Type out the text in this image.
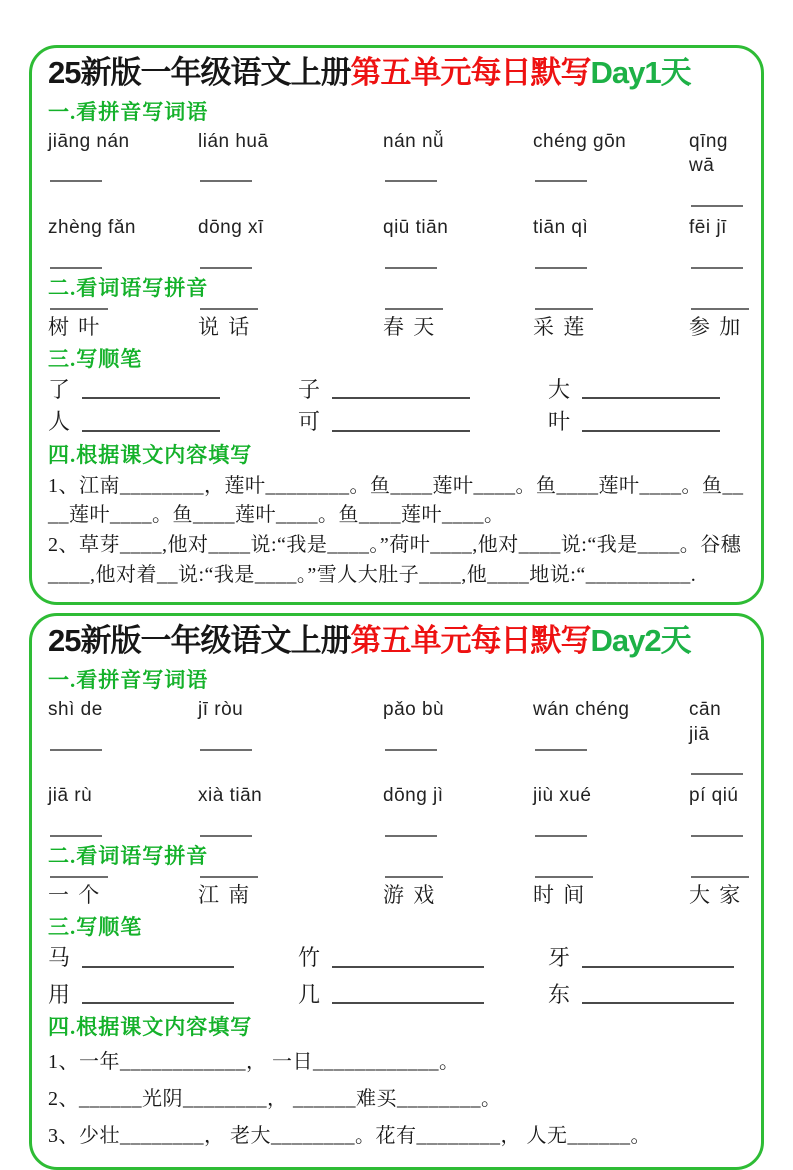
25新版一年级语文上册第五单元每日默写Day1天
一.看拼音写词语
jiāng nán	lián huā	nán nǚ	chéng gōn	qīng wā
zhèng fǎn	dōng xī	qiū tiān	tiān qì	fēi jī
二.看词语写拼音
树 叶	说 话	春 天	采 莲	参 加
三.写顺笔
了	子	大
人	可	叶
四.根据课文内容填写
1、江南________，莲叶________。鱼____莲叶____。鱼____莲叶____。鱼____莲叶____。鱼____莲叶____。鱼____莲叶____。
2、草芽____,他对____说:“我是____。”荷叶____,他对____说:“我是____。谷穗____,他对着__说:“我是____。”雪人大肚子____,他____地说:“__________.
25新版一年级语文上册第五单元每日默写Day2天
一.看拼音写词语
shì de	jī ròu	pǎo bù	wán chéng	cān jiā
jiā rù	xià tiān	dōng jì	jiù xué	pí qiú
二.看词语写拼音
一 个	江 南	游 戏	时 间	大 家
三.写顺笔
马	竹	牙
用	几	东
四.根据课文内容填写
1、一年____________， 一日____________。
2、______光阴________， ______难买________。
3、少壮________， 老大________。花有________， 人无______。
